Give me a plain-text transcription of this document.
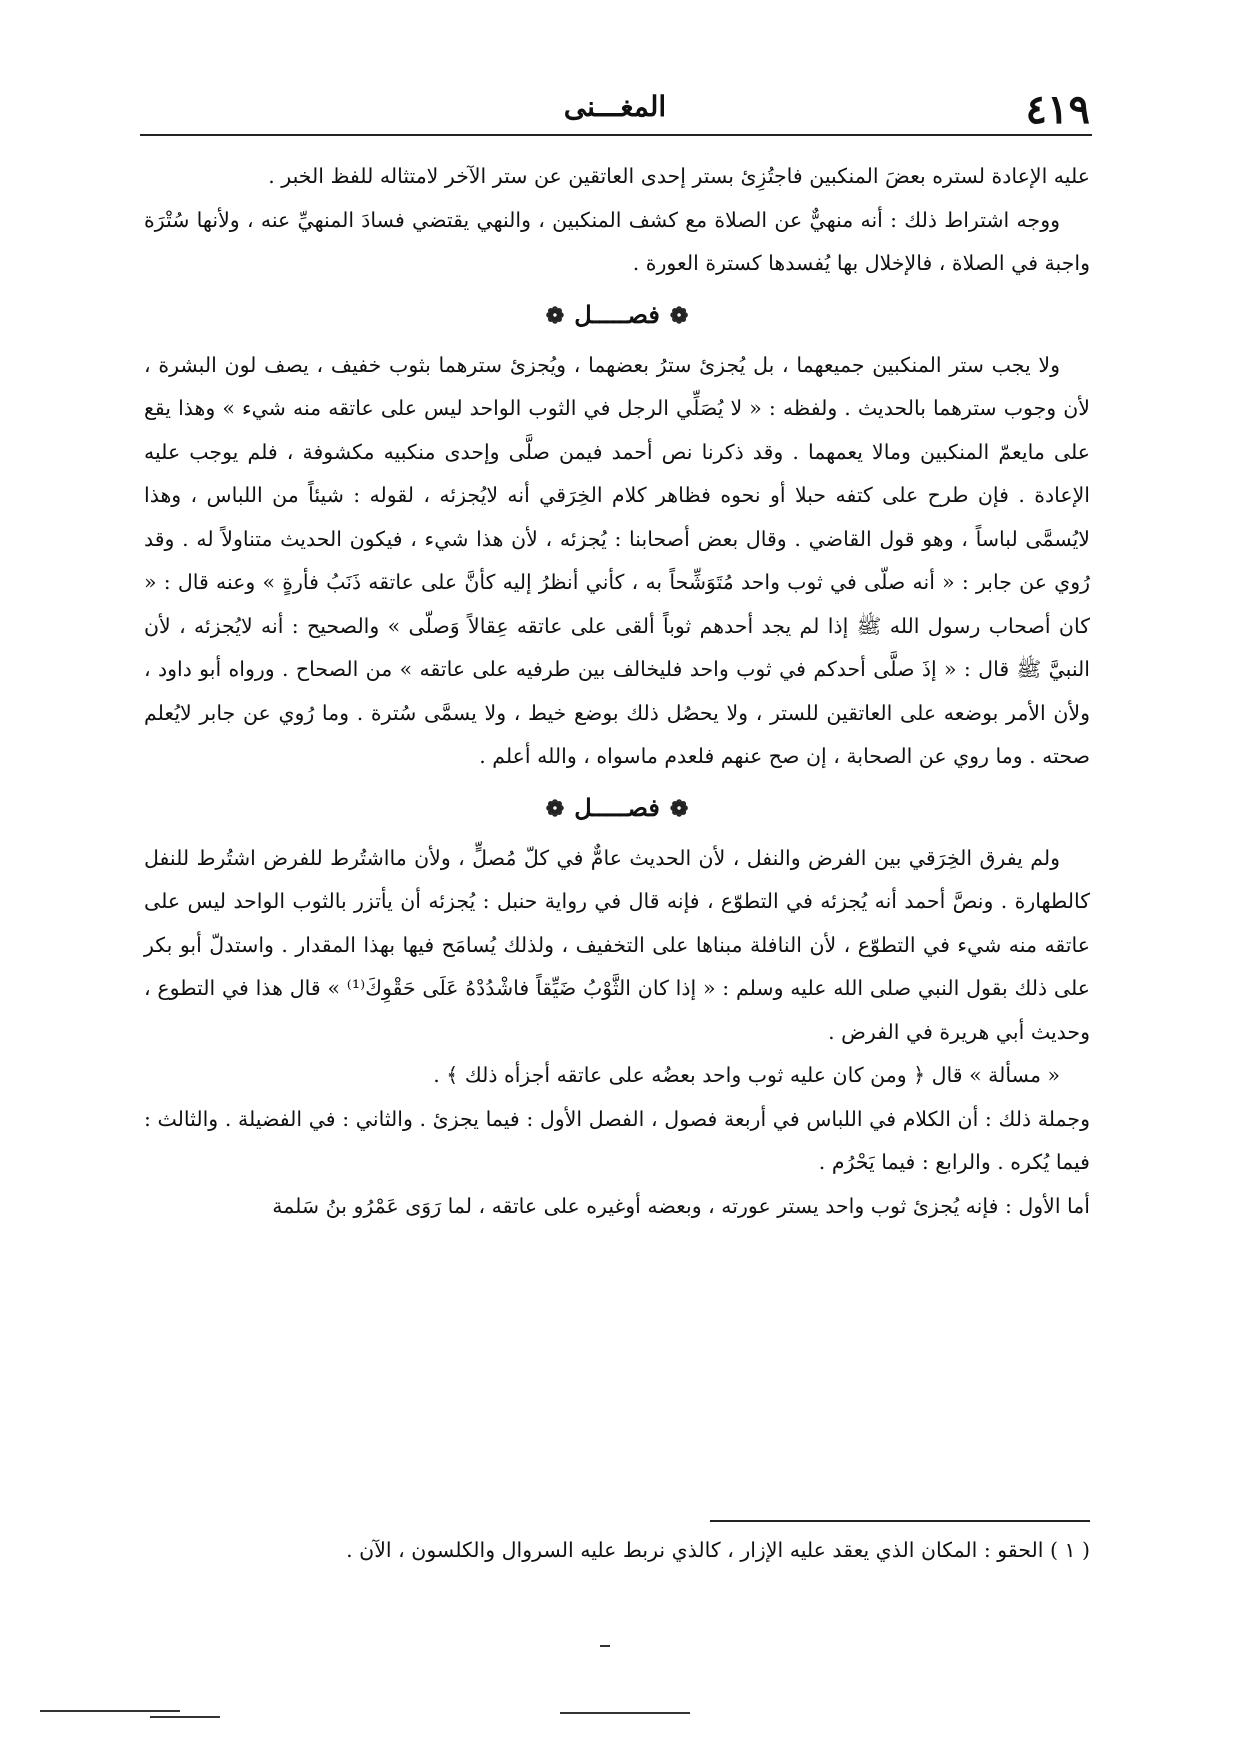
٤١٩
المغـــنى

عليه الإعادة لستره بعضَ المنكبين فاجتُزِئ بستر إحدى العاتقين عن ستر الآخر لامتثاله للفظ الخبر .

ووجه اشتراط ذلك : أنه منهيٌّ عن الصلاة مع كشف المنكبين ، والنهي يقتضي فسادَ المنهيِّ عنه ، ولأنها سُتْرَة واجبة في الصلاة ، فالإخلال بها يُفسدها كسترة العورة .

❁فصـــــل❁

ولا يجب ستر المنكبين جميعهما ، بل يُجزئ سترُ بعضهما ، ويُجزئ سترهما بثوب خفيف ، يصف لون البشرة ، لأن وجوب سترهما بالحديث . ولفظه : « لا يُصَلِّي الرجل في الثوب الواحد ليس على عاتقه منه شيء » وهذا يقع على مايعمّ المنكبين ومالا يعمهما . وقد ذكرنا نص أحمد فيمن صلَّى وإحدى منكبيه مكشوفة ، فلم يوجب عليه الإعادة . فإن طرح على كتفه حبلا أو نحوه فظاهر كلام الخِرَقي أنه لايُجزئه ، لقوله : شيئاً من اللباس ، وهذا لايُسمَّى لباساً ، وهو قول القاضي . وقال بعض أصحابنا : يُجزئه ، لأن هذا شيء ، فيكون الحديث متناولاً له . وقد رُوي عن جابر : « أنه صلّى في ثوب واحد مُتَوَشِّحاً به ، كأني أنظرُ إليه كأنَّ على عاتقه ذَنَبُ فأرةٍ » وعنه قال : « كان أصحاب رسول الله ﷺ إذا لم يجد أحدهم ثوباً ألقى على عاتقه عِقالاً وَصلّى » والصحيح : أنه لايُجزئه ، لأن النبيَّ ﷺ قال : « إذَ صلَّى أحدكم في ثوب واحد فليخالف بين طرفيه على عاتقه » من الصحاح . ورواه أبو داود ، ولأن الأمر بوضعه على العاتقين للستر ، ولا يحصُل ذلك بوضع خيط ، ولا يسمَّى سُترة . وما رُوي عن جابر لايُعلم صحته . وما روي عن الصحابة ، إن صح عنهم فلعدم ماسواه ، والله أعلم .

❁فصـــــل❁

ولم يفرق الخِرَقي بين الفرض والنفل ، لأن الحديث عامٌّ في كلّ مُصلٍّ ، ولأن مااشتُرط للفرض اشتُرط للنفل كالطهارة . ونصَّ أحمد أنه يُجزئه في التطوّع ، فإنه قال في رواية حنبل : يُجزئه أن يأتزر بالثوب الواحد ليس على عاتقه منه شيء في التطوّع ، لأن النافلة مبناها على التخفيف ، ولذلك يُسامَح فيها بهذا المقدار . واستدلّ أبو بكر على ذلك بقول النبي صلى الله عليه وسلم : « إذا كان الثَّوْبُ ضَيِّقاً فاشْدُدْهُ عَلَى حَقْوِكَ⁽¹⁾ » قال هذا في التطوع ، وحديث أبي هريرة في الفرض .

« مسألة » قال ﴿ ومن كان عليه ثوب واحد بعضُه على عاتقه أجزأه ذلك ﴾ .

وجملة ذلك : أن الكلام في اللباس في أربعة فصول ، الفصل الأول : فيما يجزئ . والثاني : في الفضيلة . والثالث : فيما يُكره . والرابع : فيما يَحْرُم .

أما الأول : فإنه يُجزئ ثوب واحد يستر عورته ، وبعضه أوغيره على عاتقه ، لما رَوَى عَمْرُو بنُ سَلمة

( ١ ) الحقو : المكان الذي يعقد عليه الإزار ، كالذي نربط عليه السروال والكلسون ، الآن .
